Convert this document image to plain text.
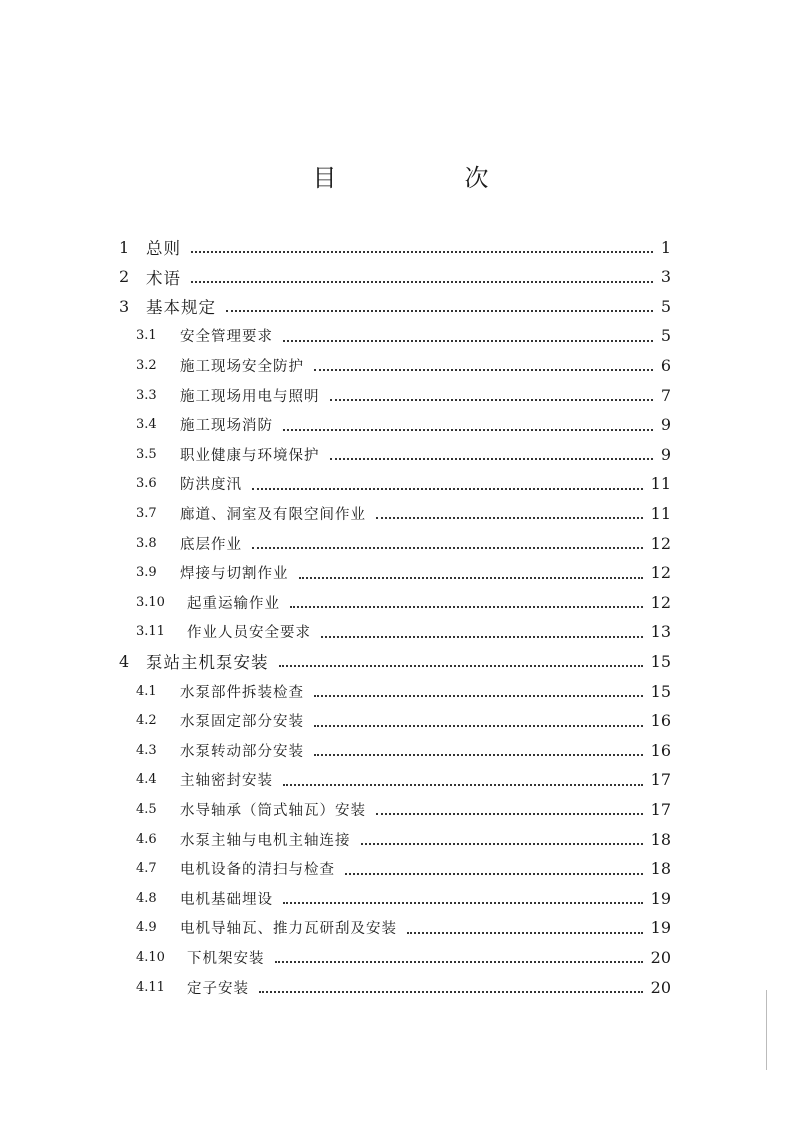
目　次
1 总则	1
2 术语	3
3 基本规定	5
3.1 安全管理要求	5
3.2 施工现场安全防护	6
3.3 施工现场用电与照明	7
3.4 施工现场消防	9
3.5 职业健康与环境保护	9
3.6 防洪度汛	11
3.7 廊道、洞室及有限空间作业	11
3.8 底层作业	12
3.9 焊接与切割作业	12
3.10 起重运输作业	12
3.11 作业人员安全要求	13
4 泵站主机泵安装	15
4.1 水泵部件拆装检查	15
4.2 水泵固定部分安装	16
4.3 水泵转动部分安装	16
4.4 主轴密封安装	17
4.5 水导轴承（筒式轴瓦）安装	17
4.6 水泵主轴与电机主轴连接	18
4.7 电机设备的清扫与检查	18
4.8 电机基础埋设	19
4.9 电机导轴瓦、推力瓦研刮及安装	19
4.10 下机架安装	20
4.11 定子安装	20
